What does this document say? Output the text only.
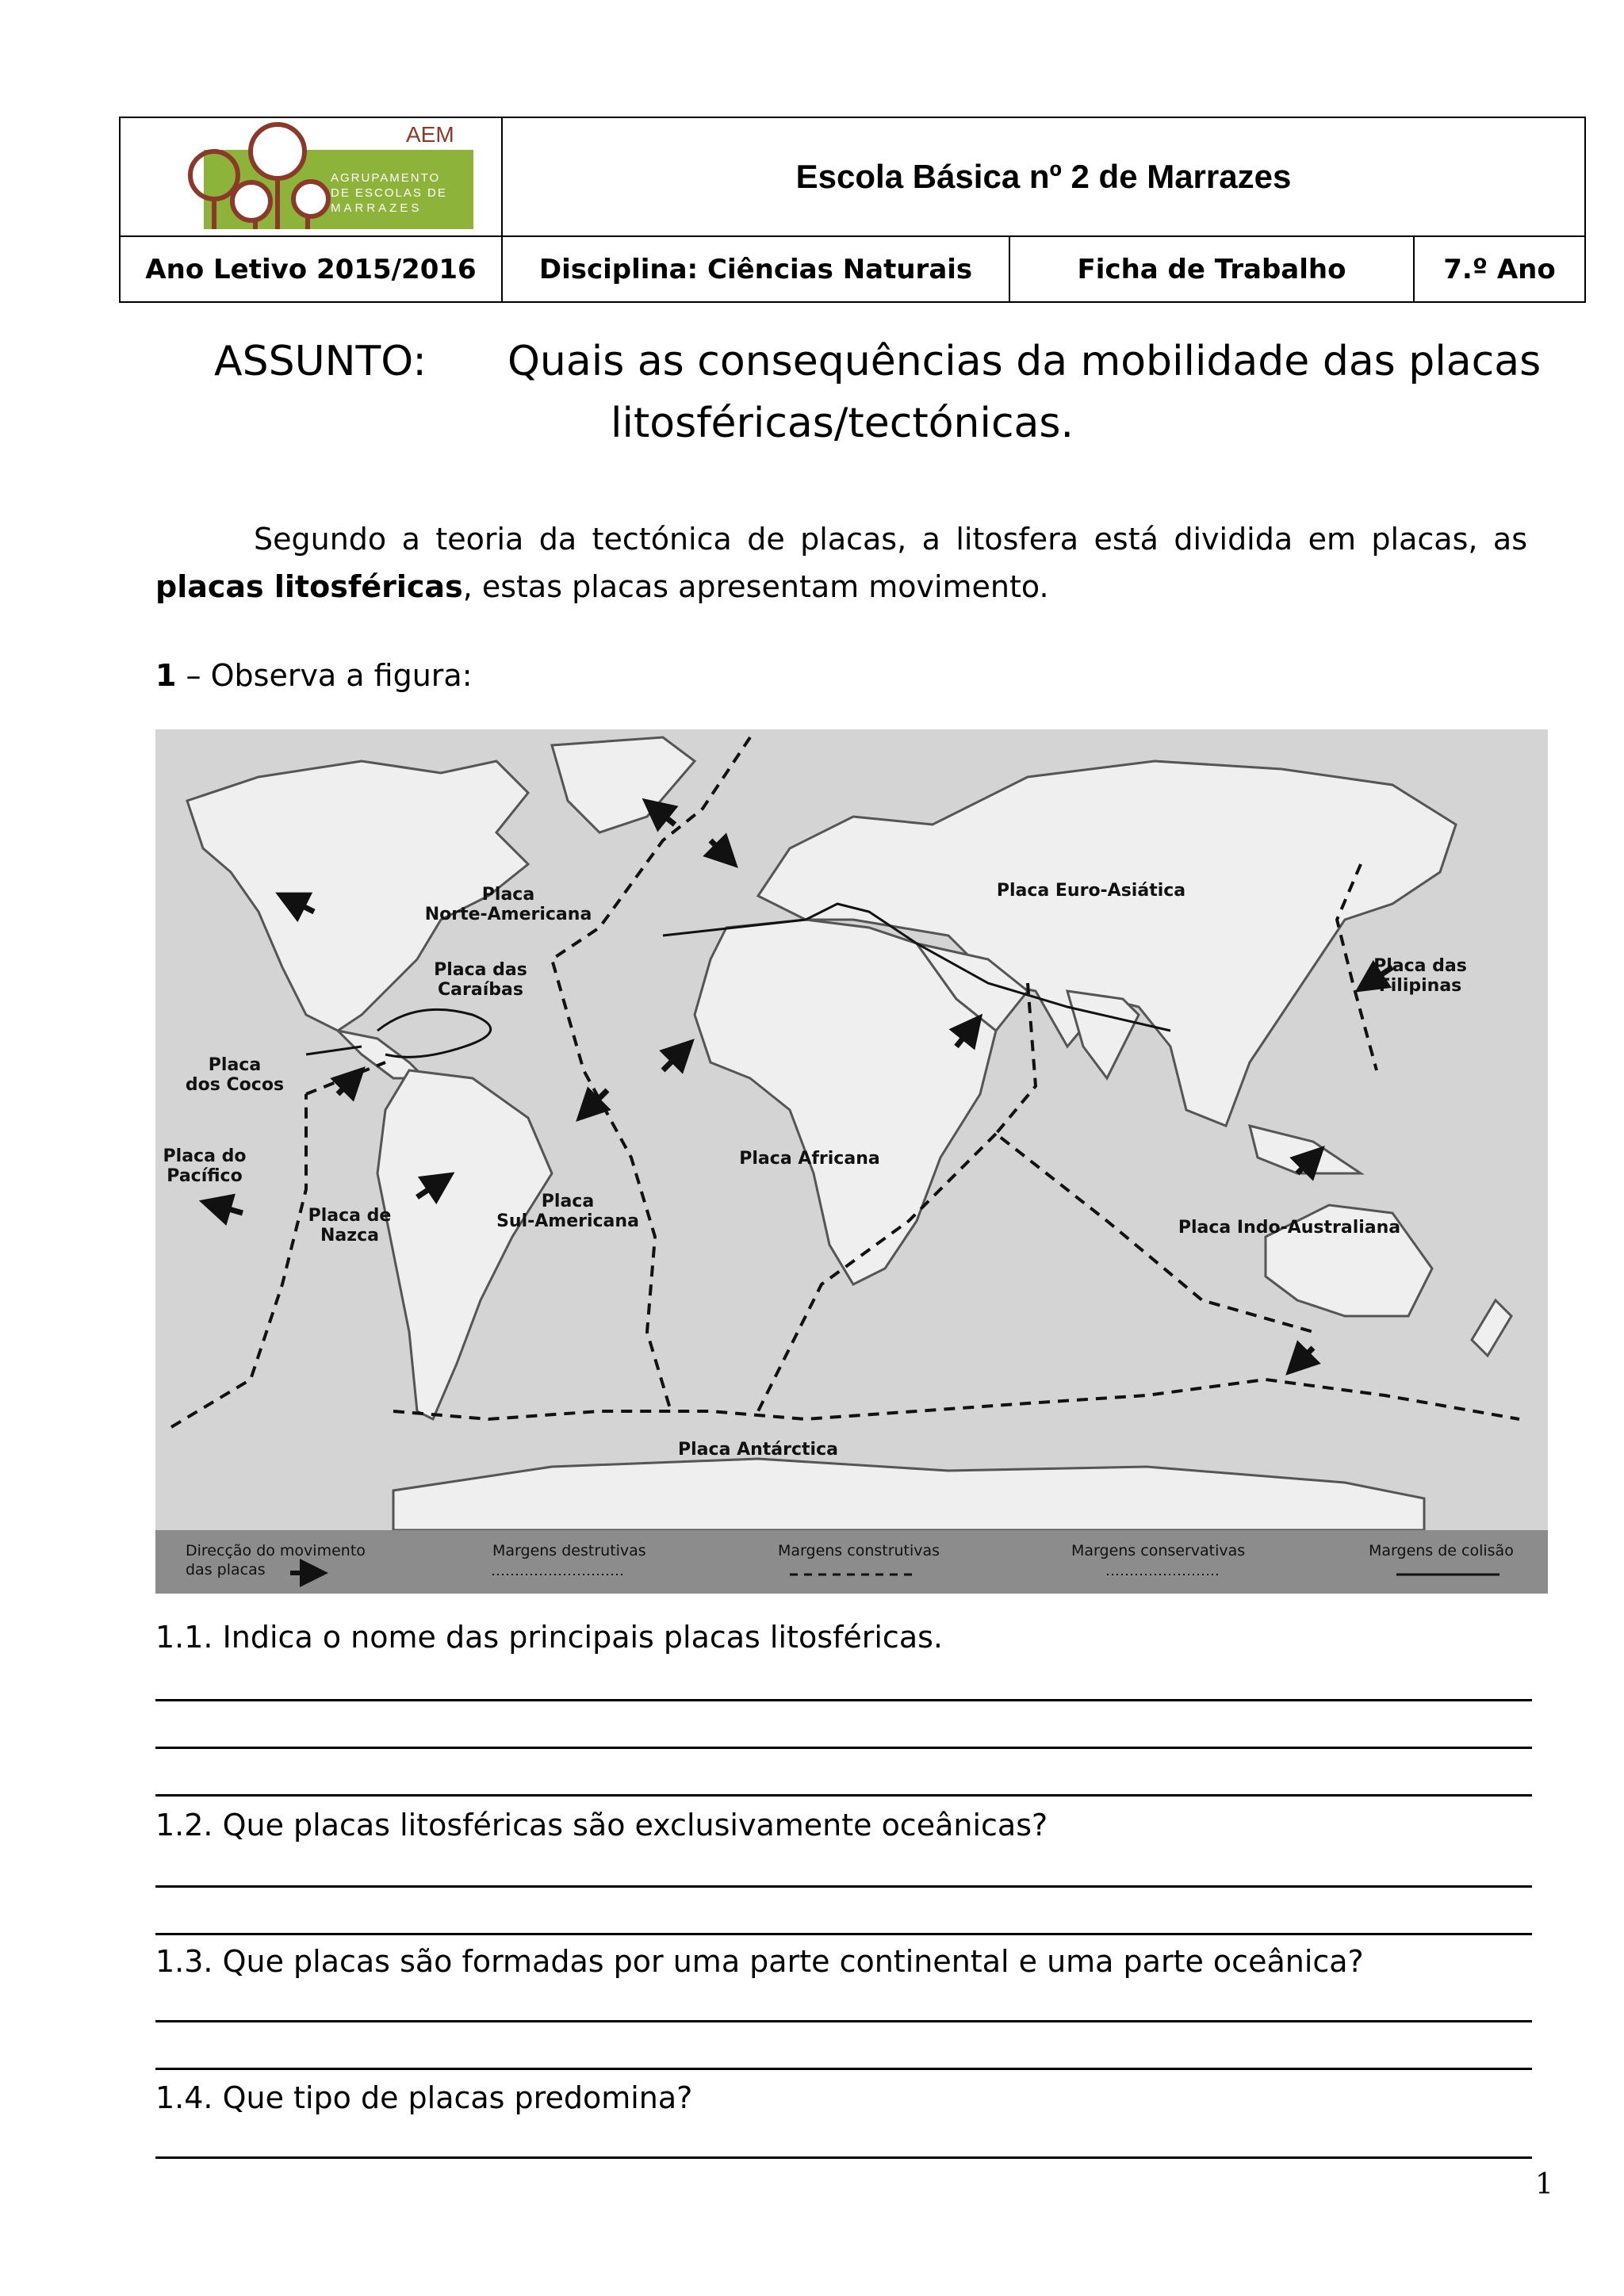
AEM
AGRUPAMENTO
DE ESCOLAS DE
MARRAZES
Escola Básica nº 2 de Marrazes
Ano Letivo 2015/2016	Disciplina: Ciências Naturais	Ficha de Trabalho	7.º Ano
ASSUNTO: Quais as consequências da mobilidade das placas
litosféricas/tectónicas.
Segundo a teoria da tectónica de placas, a litosfera está dividida em placas, as placas litosféricas, estas placas apresentam movimento.
1 – Observa a figura:
Placa
Norte-Americana
Placa das
Caraíbas
Placa
dos Cocos
Placa do
Pacífico
Placa de
Nazca
Placa
Sul-Americana
Placa Africana
Placa Euro-Asiática
Placa das
Filipinas
Placa Indo-Australiana
Placa Antárctica
Direcção do movimento
das placas
Margens destrutivas	Margens construtivas	Margens conservativas	Margens de colisão
1.1. Indica o nome das principais placas litosféricas.
1.2. Que placas litosféricas são exclusivamente oceânicas?
1.3. Que placas são formadas por uma parte continental e uma parte oceânica?
1.4. Que tipo de placas predomina?
1
